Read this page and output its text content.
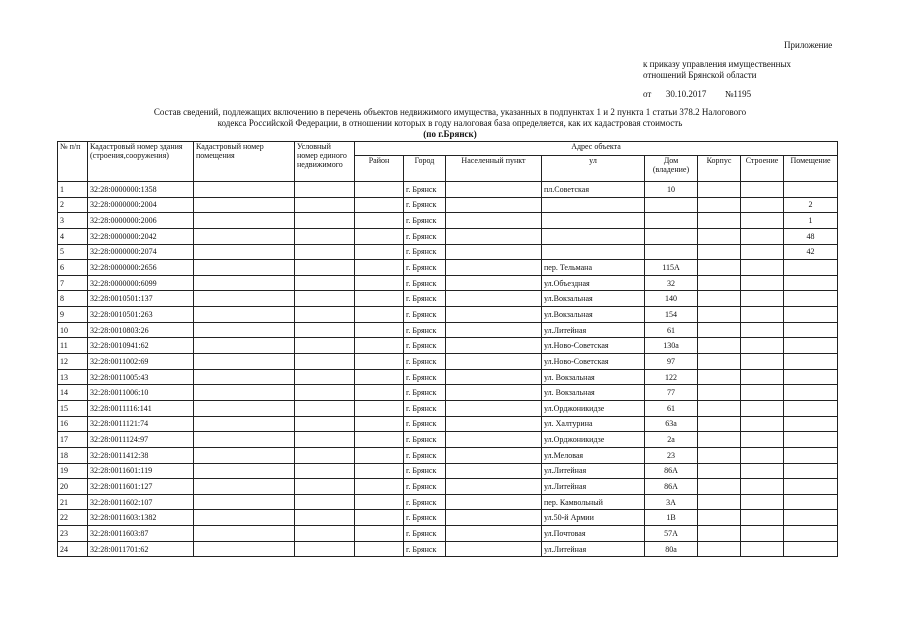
Приложение
к приказу управления имущественных
отношений Брянской области
от 30.10.2017 №1195
Состав сведений, подлежащих включению в перечень объектов недвижимого имущества, указанных в подпунктах 1 и 2 пункта 1 статьи 378.2 Налогового
кодекса Российской Федерации, в отношении которых в году налоговая база определяется, как их кадастровая стоимость
(по г.Брянск)
№ п/п	Кадастровый номер здания (строения,сооружения)	Кадастровый номер помещения	Условный номер единого недвижимого	Адрес объекта							
				Район	Город	Населенный пункт	ул	Дом (владение)	Корпус	Строение	Помещение
1	32:28:0000000:1358				г. Брянск		пл.Советская	10			
2	32:28:0000000:2004				г. Брянск						2
3	32:28:0000000:2006				г. Брянск						1
4	32:28:0000000:2042				г. Брянск						48
5	32:28:0000000:2074				г. Брянск						42
6	32:28:0000000:2656				г. Брянск		пер. Тельмана	115А			
7	32:28:0000000:6099				г. Брянск		ул.Объездная	32			
8	32:28:0010501:137				г. Брянск		ул.Вокзальная	140			
9	32:28:0010501:263				г. Брянск		ул.Вокзальная	154			
10	32:28:0010803:26				г. Брянск		ул.Литейная	61			
11	32:28:0010941:62				г. Брянск		ул.Ново-Советская	130а			
12	32:28:0011002:69				г. Брянск		ул.Ново-Советская	97			
13	32:28:0011005:43				г. Брянск		ул. Вокзальная	122			
14	32:28:0011006:10				г. Брянск		ул. Вокзальная	77			
15	32:28:0011116:141				г. Брянск		ул.Орджоникидзе	61			
16	32:28:0011121:74				г. Брянск		ул. Халтурина	63а			
17	32:28:0011124:97				г. Брянск		ул.Орджоникидзе	2а			
18	32:28:0011412:38				г. Брянск		ул.Меловая	23			
19	32:28:0011601:119				г. Брянск		ул.Литейная	86А			
20	32:28:0011601:127				г. Брянск		ул.Литейная	86А			
21	32:28:0011602:107				г. Брянск		пер. Камвольный	3А			
22	32:28:0011603:1382				г. Брянск		ул.50-й Армии	1В			
23	32:28:0011603:87				г. Брянск		ул.Почтовая	57А			
24	32:28:0011701:62				г. Брянск		ул.Литейная	80а			
